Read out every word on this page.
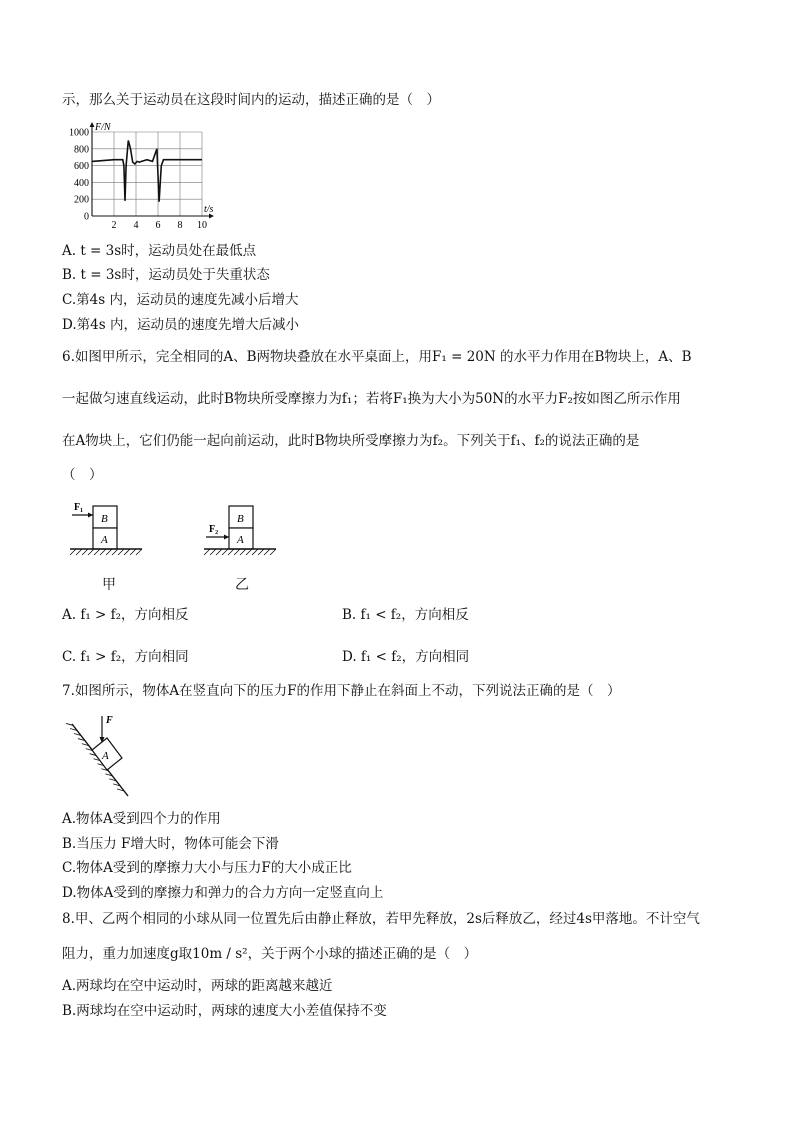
示，那么关于运动员在这段时间内的运动，描述正确的是（　）
0
200
400
600
800
1000
2 4 6 8 10
F/N
t/s
A. t = 3s时，运动员处在最低点
B. t = 3s时，运动员处于失重状态
C.第4s 内，运动员的速度先减小后增大
D.第4s 内，运动员的速度先增大后减小
6.如图甲所示，完全相同的A、B两物块叠放在水平桌面上，用F₁ = 20N 的水平力作用在B物块上，A、B
一起做匀速直线运动，此时B物块所受摩擦力为f₁；若将F₁换为大小为50N的水平力F₂按如图乙所示作用
在A物块上，它们仍能一起向前运动，此时B物块所受摩擦力为f₂。下列关于f₁、f₂的说法正确的是
（　）
B
A
F₁
甲
B
A
F₂
乙
A. f₁ > f₂，方向相反	B. f₁ < f₂，方向相反
C. f₁ > f₂，方向相同	D. f₁ < f₂，方向相同
7.如图所示，物体A在竖直向下的压力F的作用下静止在斜面上不动，下列说法正确的是（　）
A
F
A.物体A受到四个力的作用
B.当压力 F增大时，物体可能会下滑
C.物体A受到的摩擦力大小与压力F的大小成正比
D.物体A受到的摩擦力和弹力的合力方向一定竖直向上
8.甲、乙两个相同的小球从同一位置先后由静止释放，若甲先释放，2s后释放乙，经过4s甲落地。不计空气
阻力，重力加速度g取10m / s²，关于两个小球的描述正确的是（　）
A.两球均在空中运动时，两球的距离越来越近
B.两球均在空中运动时，两球的速度大小差值保持不变
